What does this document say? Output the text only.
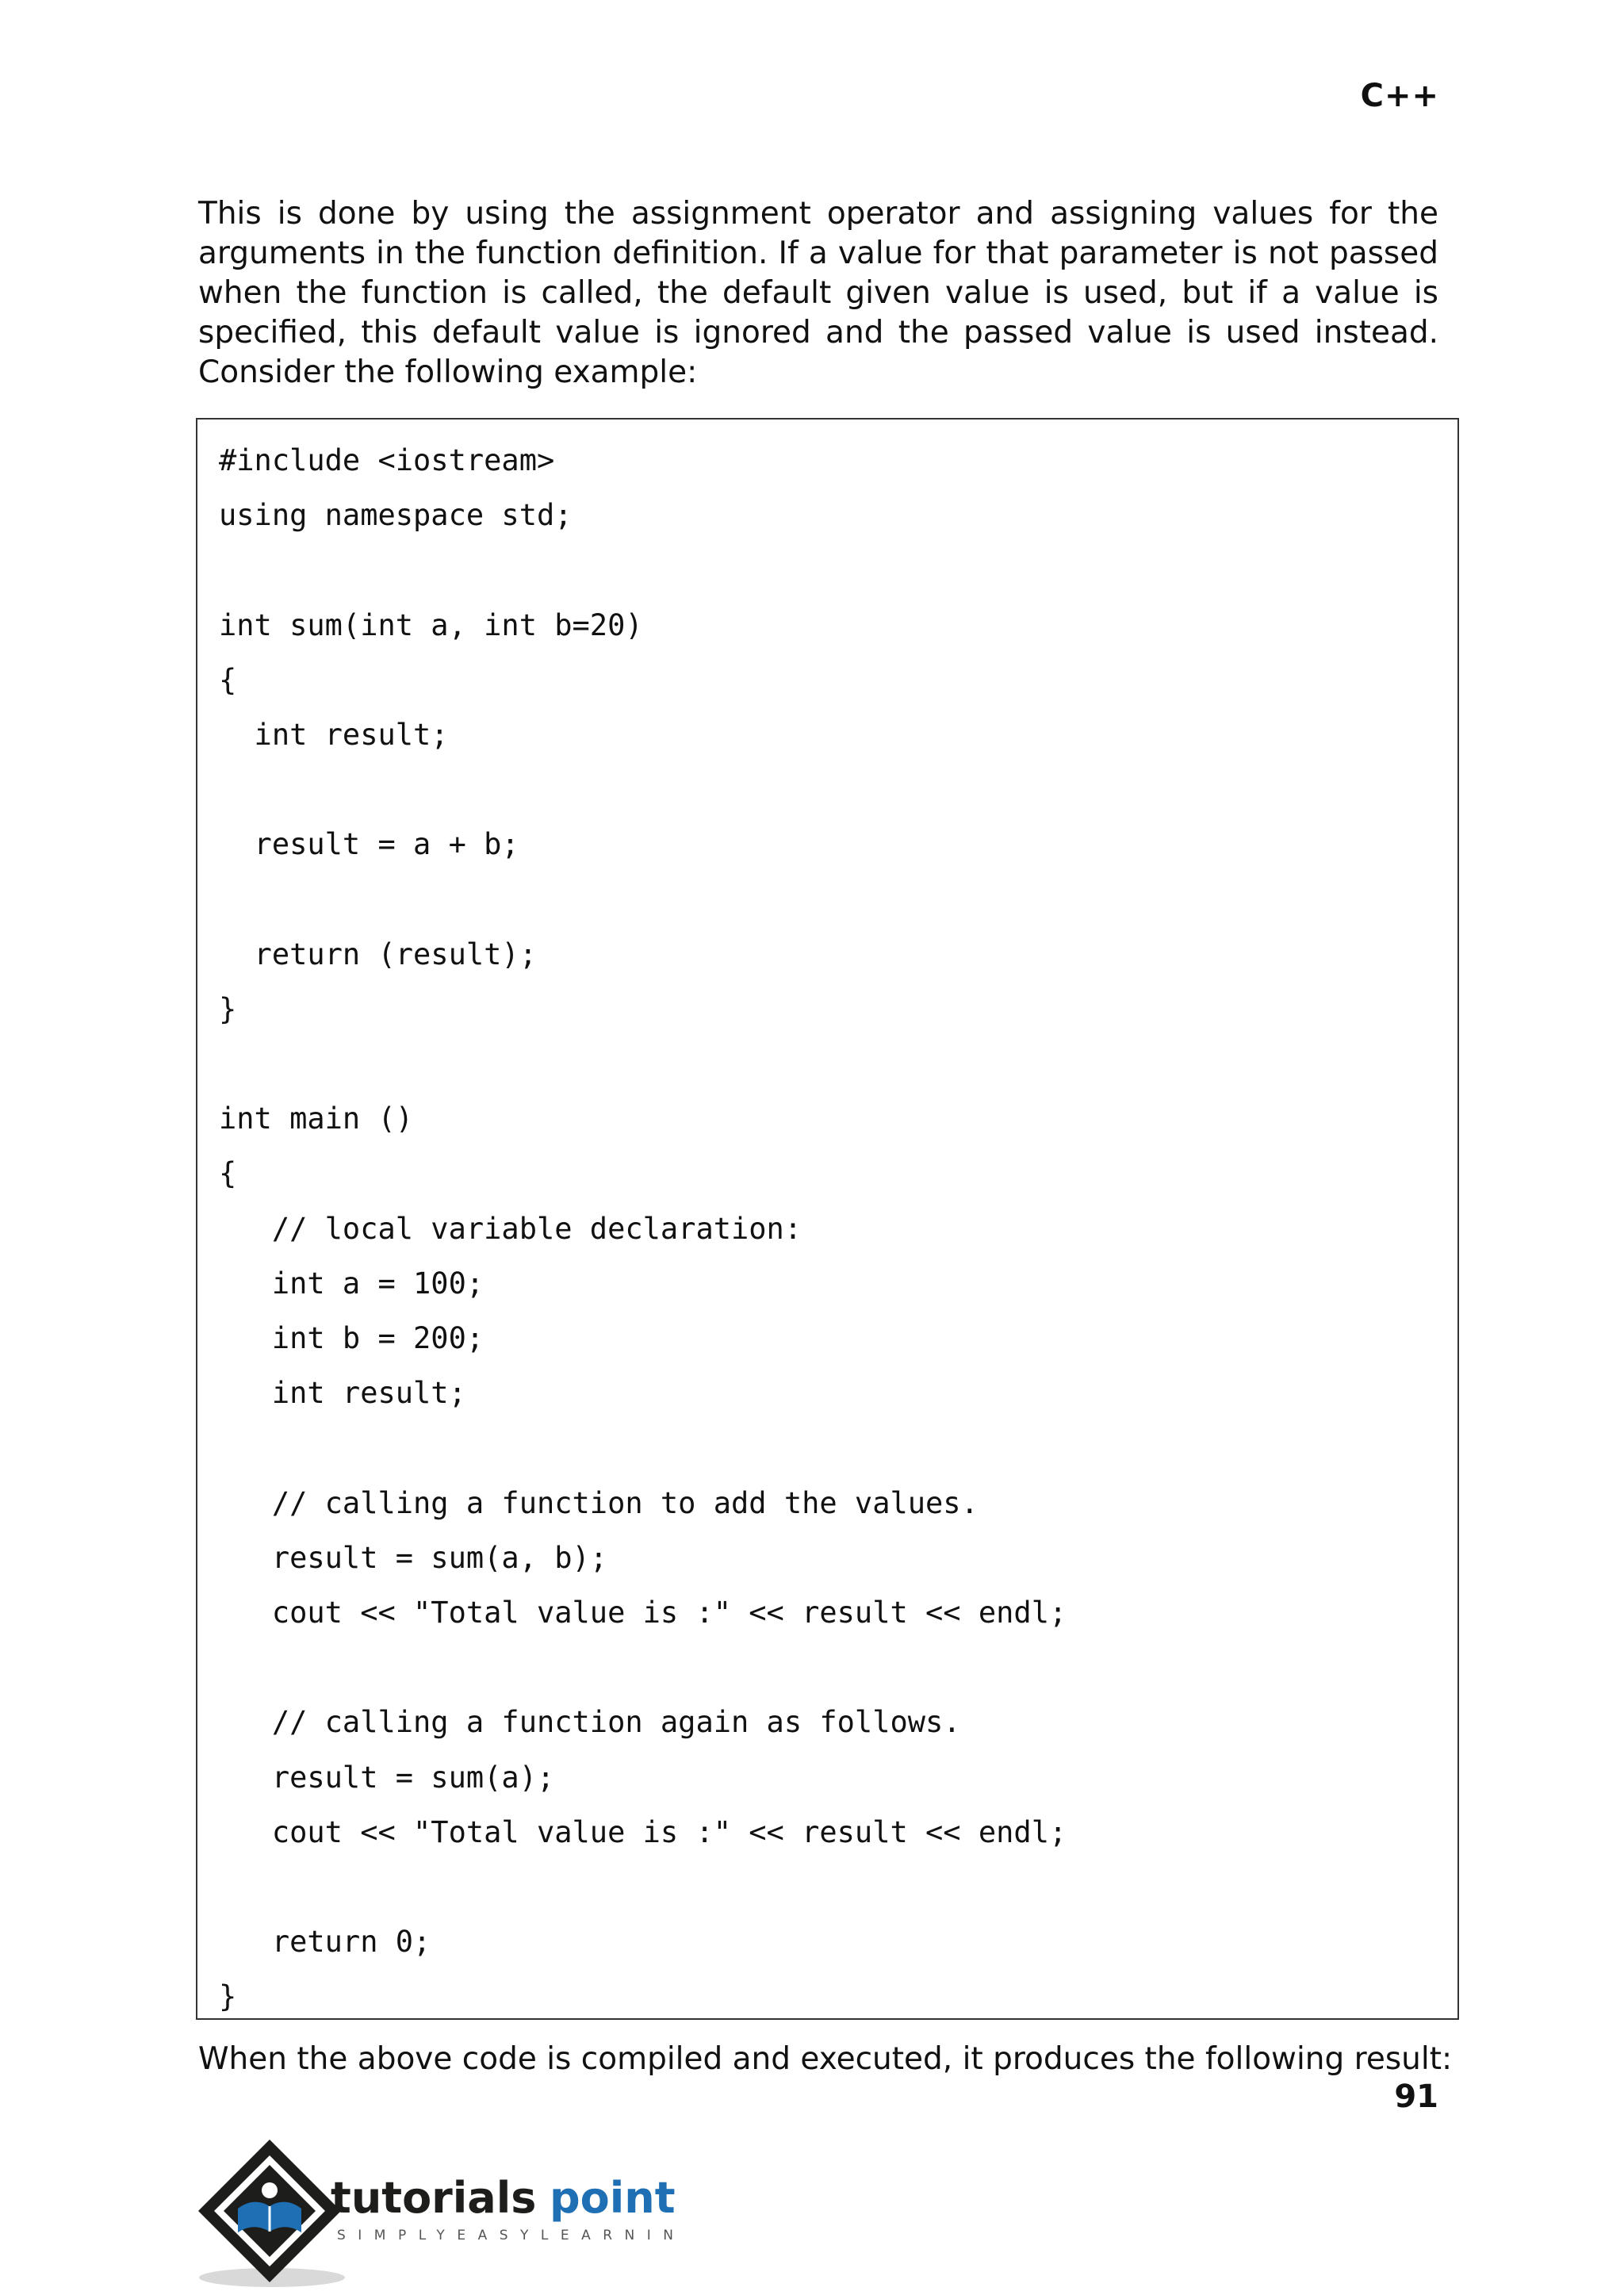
C++

This is done by using the assignment operator and assigning values for the arguments in the function definition. If a value for that parameter is not passed when the function is called, the default given value is used, but if a value is specified, this default value is ignored and the passed value is used instead. Consider the following example:

#include <iostream>
using namespace std;
int sum(int a, int b=20)
{
int result;
result = a + b;
return (result);
}
int main ()
{
// local variable declaration:
int a = 100;
int b = 200;
int result;
// calling a function to add the values.
result = sum(a, b);
cout << "Total value is :" << result << endl;
// calling a function again as follows.
result = sum(a);
cout << "Total value is :" << result << endl;
return 0;
}
When the above code is compiled and executed, it produces the following result:
91
tutorials point
SIMPLYEASYLEARNING
